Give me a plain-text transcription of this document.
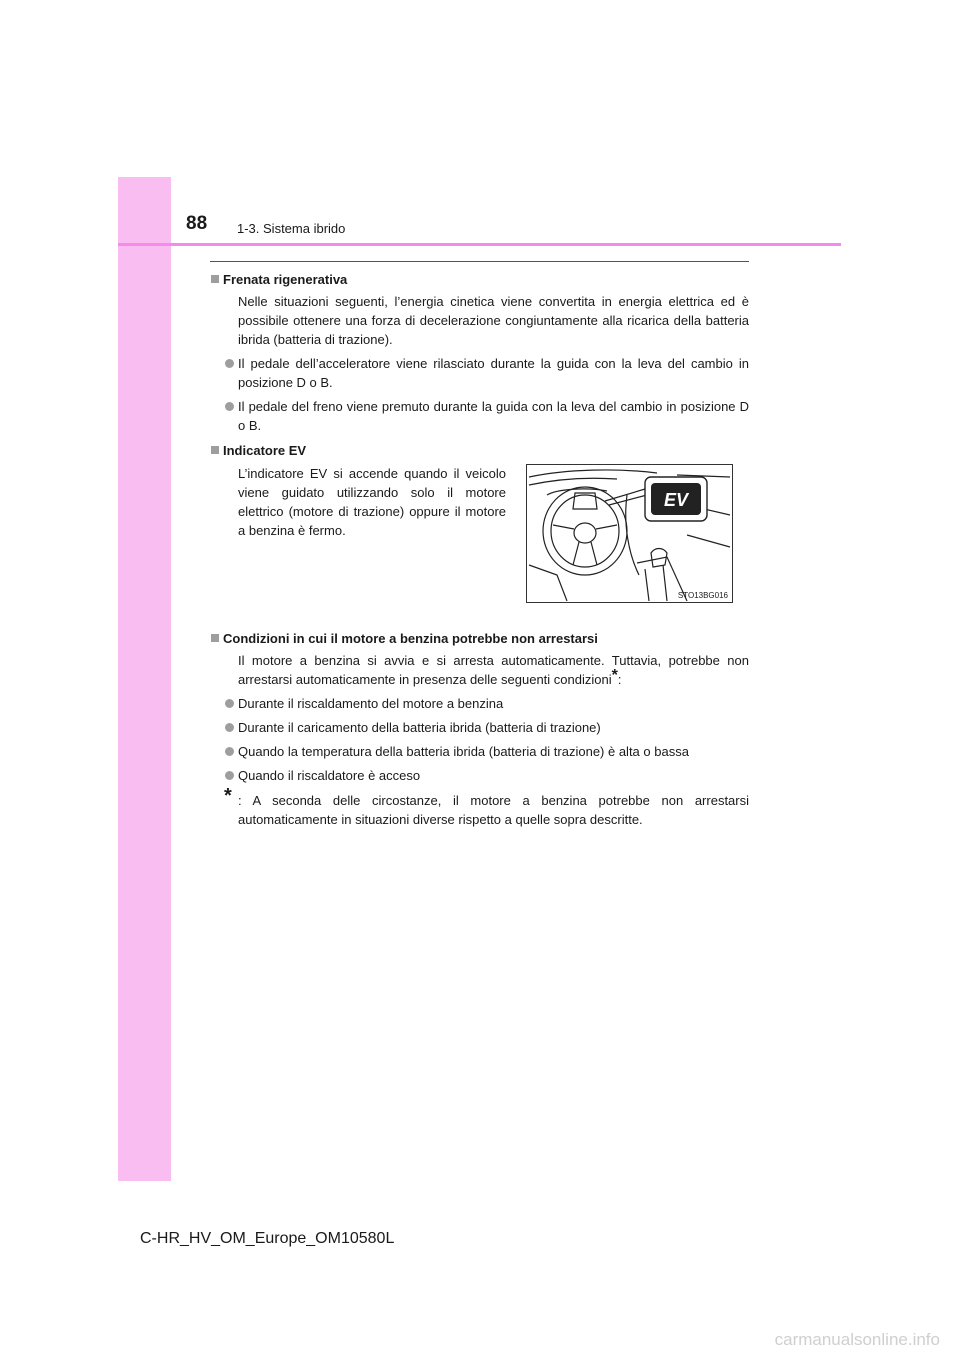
88 1-3. Sistema ibrido
Frenata rigenerativa
Nelle situazioni seguenti, l’energia cinetica viene convertita in energia elettrica ed è possibile ottenere una forza di decelerazione congiuntamente alla ricarica della batteria ibrida (batteria di trazione).
Il pedale dell’acceleratore viene rilasciato durante la guida con la leva del cambio in posizione D o B.
Il pedale del freno viene premuto durante la guida con la leva del cambio in posizione D o B.
Indicatore EV
L’indicatore EV si accende quando il veicolo viene guidato utilizzando solo il motore elettrico (motore di trazione) oppure il motore a benzina è fermo.
EV
STO13BG016
Condizioni in cui il motore a benzina potrebbe non arrestarsi
Il motore a benzina si avvia e si arresta automaticamente. Tuttavia, potrebbe non arrestarsi automaticamente in presenza delle seguenti condizioni*:
Durante il riscaldamento del motore a benzina
Durante il caricamento della batteria ibrida (batteria di trazione)
Quando la temperatura della batteria ibrida (batteria di trazione) è alta o bassa
Quando il riscaldatore è acceso
* : A seconda delle circostanze, il motore a benzina potrebbe non arrestarsi automaticamente in situazioni diverse rispetto a quelle sopra descritte.
C-HR_HV_OM_Europe_OM10580L
carmanualsonline.info
